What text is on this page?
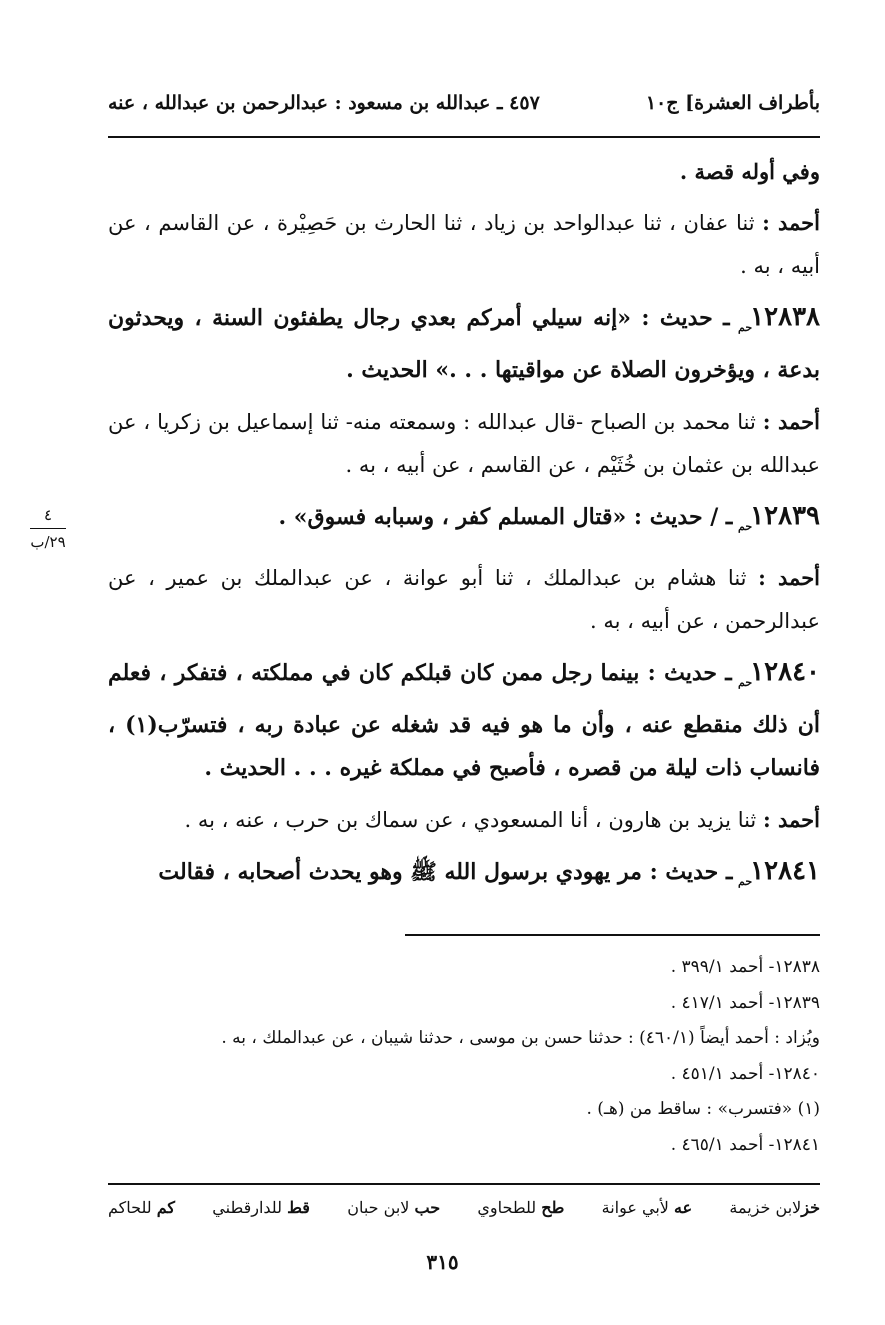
بأطراف العشرة] ج١٠
٤٥٧ ـ عبدالله بن مسعود : عبدالرحمن بن عبدالله ، عنه
٤
٢٩/ب

وفي أوله قصة .

أحمد : ثنا عفان ، ثنا عبدالواحد بن زياد ، ثنا الحارث بن حَصِيْرة ، عن القاسم ، عن أبيه ، به .

$١٢٨٣٨_{حم}$ ـ حديث : «إنه سيلي أمركم بعدي رجال يطفئون السنة ، ويحدثون بدعة ، ويؤخرون الصلاة عن مواقيتها . . .» الحديث .

أحمد : ثنا محمد بن الصباح -قال عبدالله : وسمعته منه- ثنا إسماعيل بن زكريا ، عن عبدالله بن عثمان بن خُثَيْم ، عن القاسم ، عن أبيه ، به .

$١٢٨٣٩_{حم}$ ـ / حديث : «قتال المسلم كفر ، وسبابه فسوق» .

أحمد : ثنا هشام بن عبدالملك ، ثنا أبو عوانة ، عن عبدالملك بن عمير ، عن عبدالرحمن ، عن أبيه ، به .

$١٢٨٤٠_{حم}$ ـ حديث : بينما رجل ممن كان قبلكم كان في مملكته ، فتفكر ، فعلم أن ذلك منقطع عنه ، وأن ما هو فيه قد شغله عن عبادة ربه ، فتسرّب(١) ، فانساب ذات ليلة من قصره ، فأصبح في مملكة غيره . . . الحديث .

أحمد : ثنا يزيد بن هارون ، أنا المسعودي ، عن سماك بن حرب ، عنه ، به .

$١٢٨٤١_{حم}$ ـ حديث : مر يهودي برسول الله ﷺ وهو يحدث أصحابه ، فقالت

١٢٨٣٨- أحمد ٣٩٩/١ .

١٢٨٣٩- أحمد ٤١٧/١ .

ويُزاد : أحمد أيضاً (٤٦٠/١) : حدثنا حسن بن موسى ، حدثنا شيبان ، عن عبدالملك ، به .

١٢٨٤٠- أحمد ٤٥١/١ .

(١) «فتسرب» : ساقط من (هـ) .

١٢٨٤١- أحمد ٤٦٥/١ .

خزلابن خزيمة
عه لأبي عوانة
طح للطحاوي
حب لابن حبان
قط للدارقطني
كم للحاكم
٣١٥
